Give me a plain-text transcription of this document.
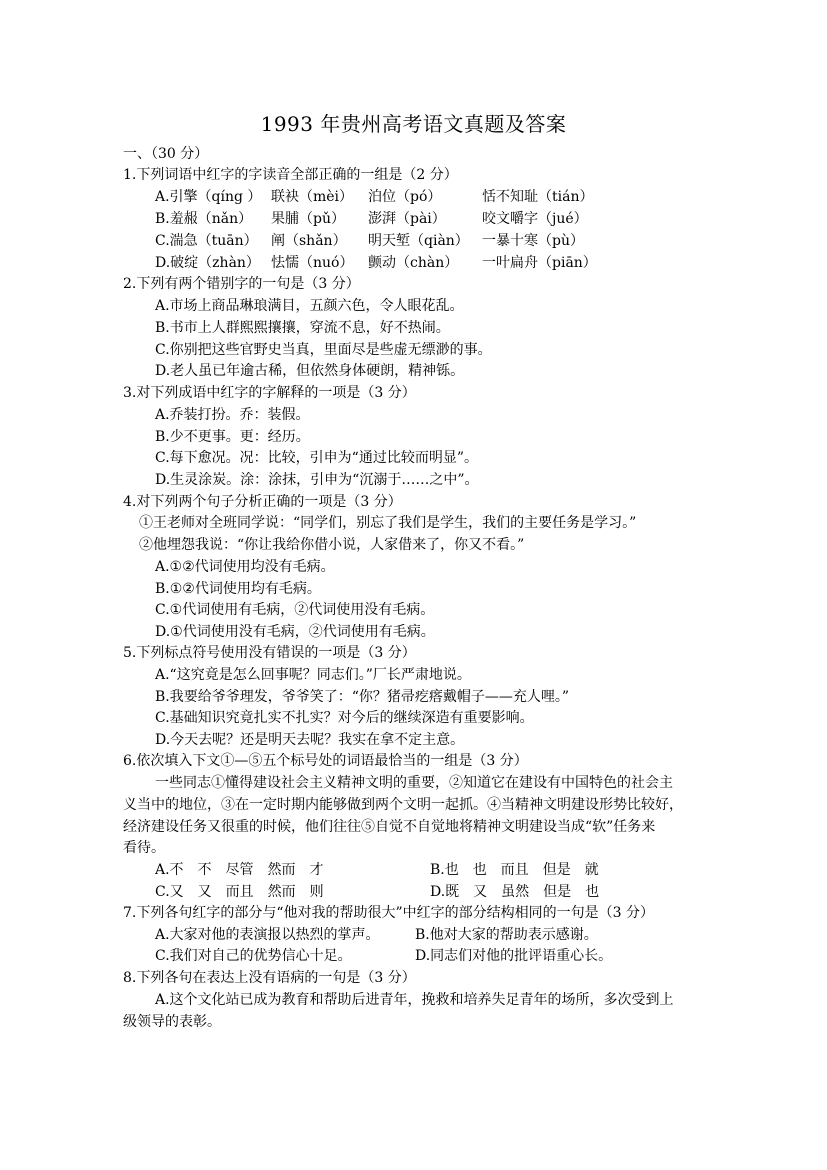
1993 年贵州高考语文真题及答案
一、（30 分）
1.下列词语中红字的字读音全部正确的一组是（2 分）
A.引擎（qíng ） 联袂（mèi） 泊位（pó）	恬不知耻（tián）
B.羞赧（nǎn） 果脯（pǔ） 澎湃（pài）	咬文嚼字（jué）
C.湍急（tuān） 阐（shǎn） 明天堑（qiàn） 一暴十寒（pù）
D.破绽（zhàn） 怯懦（nuó） 颤动（chàn） 一叶扁舟（piān）
2.下列有两个错别字的一句是（3 分）
A.市场上商品琳琅满目，五颜六色，令人眼花乱。
B.书市上人群熙熙攘攘，穿流不息，好不热闹。
C.你别把这些官野史当真，里面尽是些虚无缥渺的事。
D.老人虽已年逾古稀，但依然身体硬朗，精神铄。
3.对下列成语中红字的字解释的一项是（3 分）
A.乔装打扮。乔：装假。
B.少不更事。更：经历。
C.每下愈况。况：比较，引申为“通过比较而明显”。
D.生灵涂炭。涂：涂抹，引申为“沉溺于……之中”。
4.对下列两个句子分析正确的一项是（3 分）
①王老师对全班同学说：“同学们，别忘了我们是学生，我们的主要任务是学习。”
②他埋怨我说：“你让我给你借小说，人家借来了，你又不看。”
A.①②代词使用均没有毛病。
B.①②代词使用均有毛病。
C.①代词使用有毛病，②代词使用没有毛病。
D.①代词使用没有毛病，②代词使用有毛病。
5.下列标点符号使用没有错误的一项是（3 分）
A.“这究竟是怎么回事呢？同志们。”厂长严肃地说。
B.我要给爷爷理发，爷爷笑了：“你？猪帚疙瘩戴帽子——充人哩。”
C.基础知识究竟扎实不扎实？对今后的继续深造有重要影响。
D.今天去呢？还是明天去呢？我实在拿不定主意。
6.依次填入下文①—⑤五个标号处的词语最恰当的一组是（3 分）
一些同志①懂得建设社会主义精神文明的重要，②知道它在建设有中国特色的社会主
义当中的地位，③在一定时期内能够做到两个文明一起抓。④当精神文明建设形势比较好，
经济建设任务又很重的时候，他们往往⑤自觉不自觉地将精神文明建设当成“软”任务来
看待。
A.不　不　尽管　然而　才	B.也　也　而且　但是　就
C.又　又　而且　然而　则	D.既　又　虽然　但是　也
7.下列各句红字的部分与“他对我的帮助很大”中红字的部分结构相同的一句是（3 分）
A.大家对他的表演报以热烈的掌声。	B.他对大家的帮助表示感谢。
C.我们对自己的优势信心十足。	D.同志们对他的批评语重心长。
8.下列各句在表达上没有语病的一句是（3 分）
A.这个文化站已成为教育和帮助后进青年，挽救和培养失足青年的场所，多次受到上
级领导的表彰。
